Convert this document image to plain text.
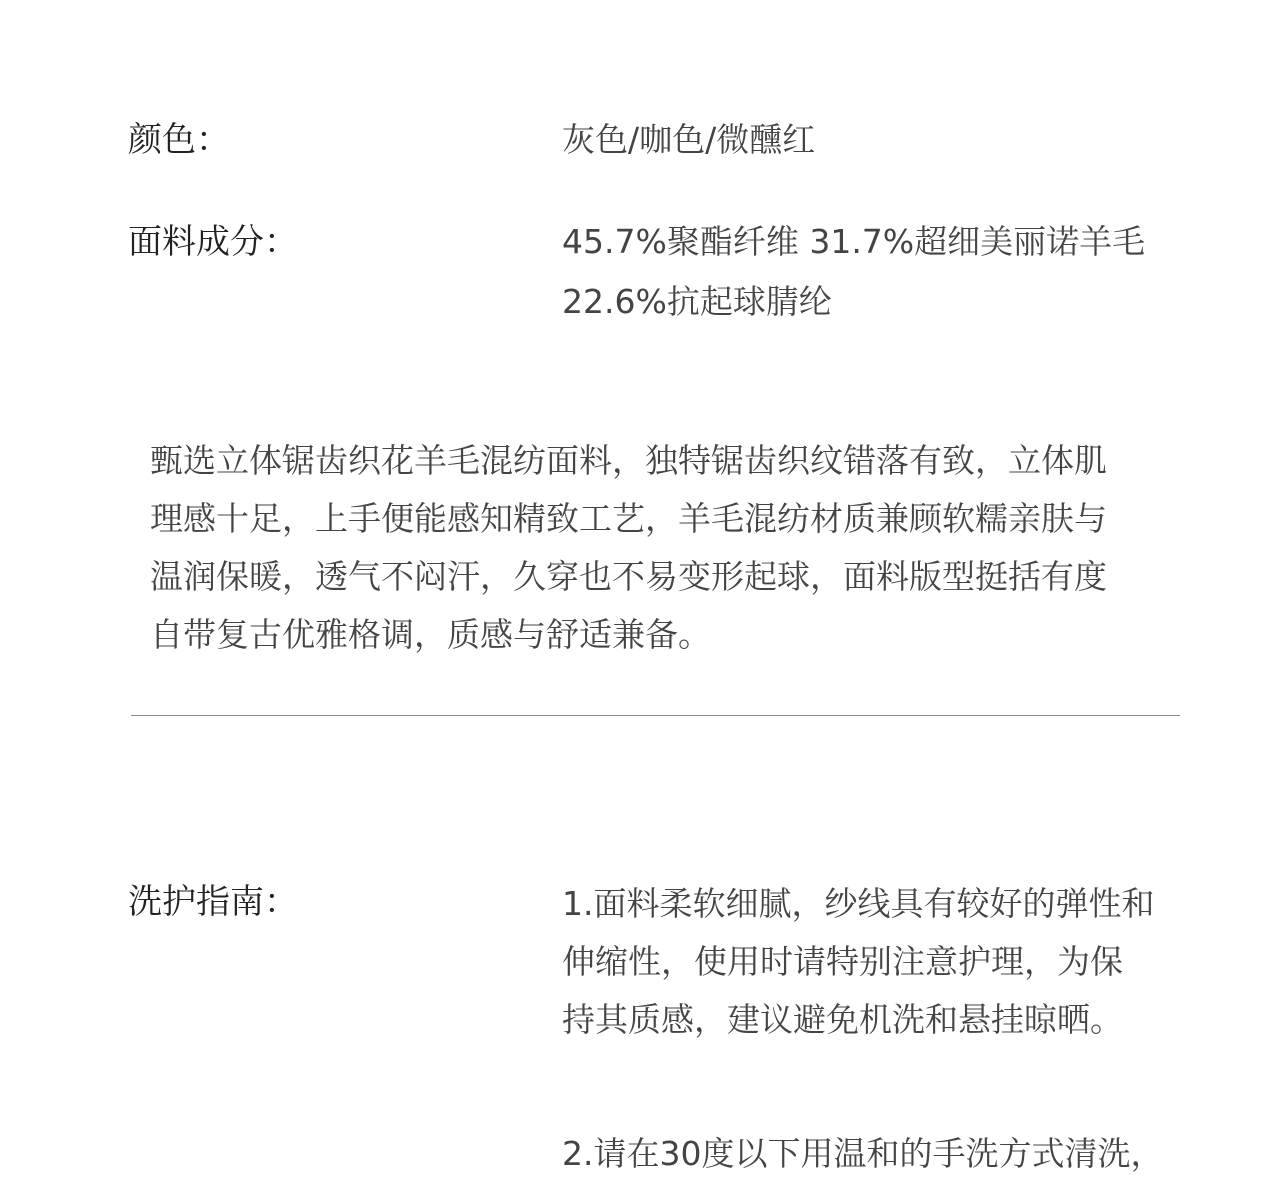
颜色：	灰色/咖色/微醺红
面料成分：	45.7%聚酯纤维 31.7%超细美丽诺羊毛
22.6%抗起球腈纶
甄选立体锯齿织花羊毛混纺面料，独特锯齿织纹错落有致，立体肌
理感十足，上手便能感知精致工艺，羊毛混纺材质兼顾软糯亲肤与
温润保暖，透气不闷汗，久穿也不易变形起球，面料版型挺括有度
自带复古优雅格调，质感与舒适兼备。
洗护指南：	1.面料柔软细腻，纱线具有较好的弹性和
伸缩性，使用时请特别注意护理，为保
持其质感，建议避免机洗和悬挂晾晒。
2.请在30度以下用温和的手洗方式清洗，
